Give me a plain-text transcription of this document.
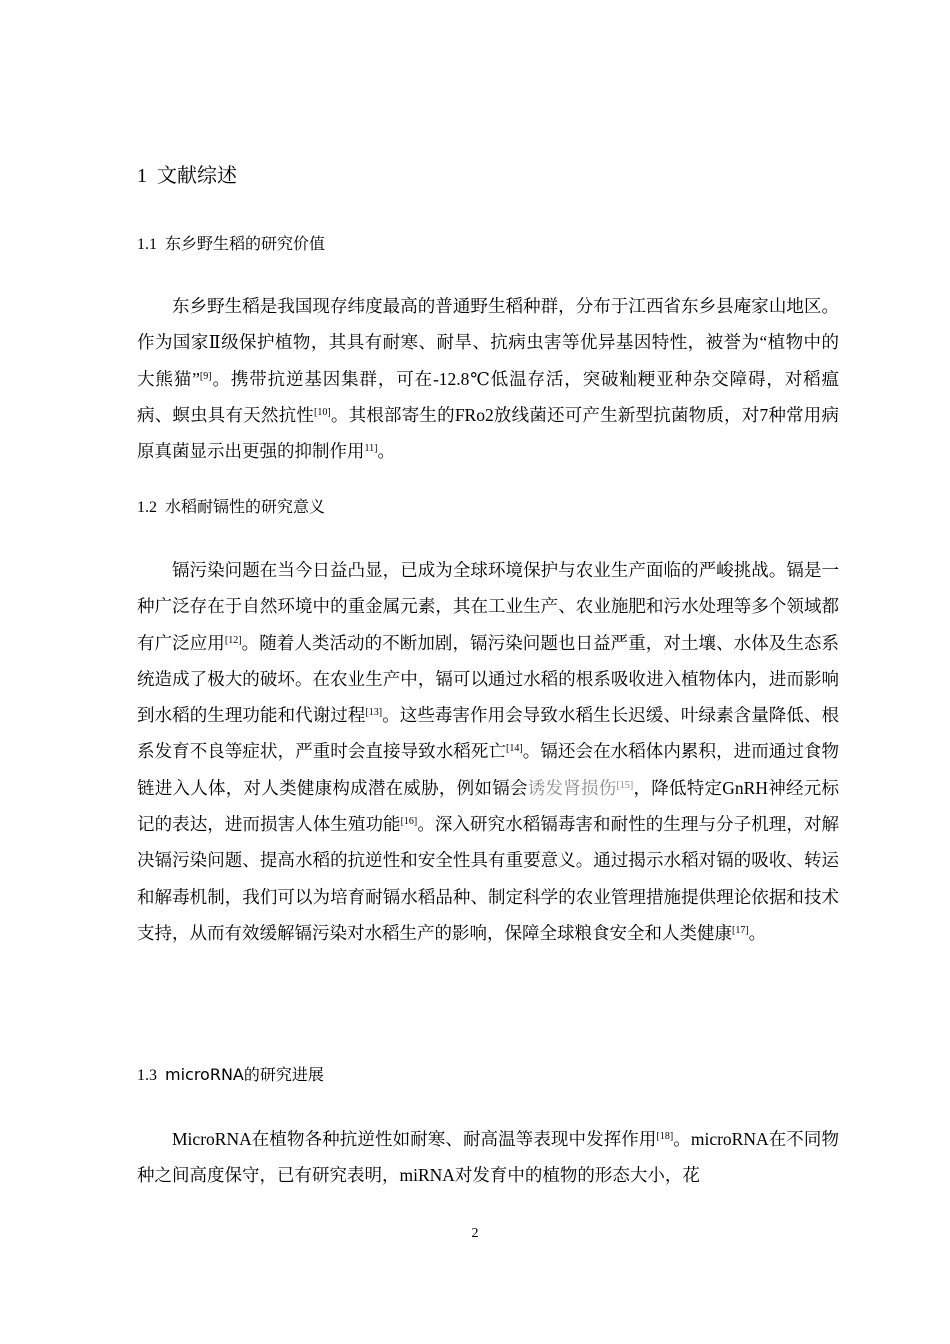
1 文献综述
1.1 东乡野生稻的研究价值
东乡野生稻是我国现存纬度最高的普通野生稻种群，分布于江西省东乡县庵家山地区。作为国家Ⅱ级保护植物，其具有耐寒、耐旱、抗病虫害等优异基因特性，被誉为“植物中的大熊猫”[9]。携带抗逆基因集群，可在-12.8℃低温存活，突破籼粳亚种杂交障碍，对稻瘟病、螟虫具有天然抗性[10]。其根部寄生的FRo2放线菌还可产生新型抗菌物质，对7种常用病原真菌显示出更强的抑制作用$^{11]}$。
1.2 水稻耐镉性的研究意义
镉污染问题在当今日益凸显，已成为全球环境保护与农业生产面临的严峻挑战。镉是一种广泛存在于自然环境中的重金属元素，其在工业生产、农业施肥和污水处理等多个领域都有广泛应用[12]。随着人类活动的不断加剧，镉污染问题也日益严重，对土壤、水体及生态系统造成了极大的破坏。在农业生产中，镉可以通过水稻的根系吸收进入植物体内，进而影响到水稻的生理功能和代谢过程[13]。这些毒害作用会导致水稻生长迟缓、叶绿素含量降低、根系发育不良等症状，严重时会直接导致水稻死亡[14]。镉还会在水稻体内累积，进而通过食物链进入人体，对人类健康构成潜在威胁，例如镉会诱发肾损伤[15]，降低特定GnRH神经元标记的表达，进而损害人体生殖功能[16]。深入研究水稻镉毒害和耐性的生理与分子机理，对解决镉污染问题、提高水稻的抗逆性和安全性具有重要意义。通过揭示水稻对镉的吸收、转运和解毒机制，我们可以为培育耐镉水稻品种、制定科学的农业管理措施提供理论依据和技术支持，从而有效缓解镉污染对水稻生产的影响，保障全球粮食安全和人类健康[17]。
1.3 microRNA的研究进展
MicroRNA在植物各种抗逆性如耐寒、耐高温等表现中发挥作用[18]。microRNA在不同物种之间高度保守，已有研究表明，miRNA对发育中的植物的形态大小，花
2
